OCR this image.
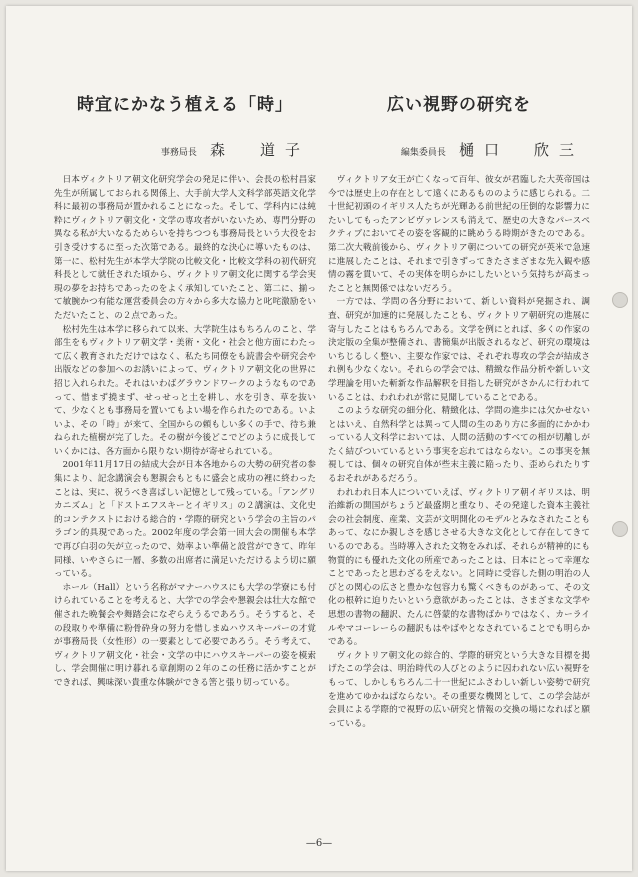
時宜にかなう植える「時」
事務局長 森　道子

日本ヴィクトリア朝文化研究学会の発足に伴い、会長の松村昌家先生が所属しておられる関係上、大手前大学人文科学部英語文化学科に最初の事務局が置かれることになった。そして、学科内には純粋にヴィクトリア朝文化・文学の専攻者がいないため、専門分野の異なる私が大いなるためらいを持ちつつも事務局長という大役をお引き受けするに至った次第である。最終的な決心に導いたものは、第一に、松村先生が本学大学院の比較文化・比較文学科の初代研究科長として就任された頃から、ヴィクトリア朝文化に関する学会実現の夢をお持ちであったのをよく承知していたこと、第二に、揃って敏腕かつ有能な運営委員会の方々から多大な協力と叱咤激励をいただいたこと、の２点であった。

松村先生は本学に移られて以来、大学院生はもちろんのこと、学部生をもヴィクトリア朝文学・美術・文化・社会と他方面にわたって広く教育されただけではなく、私たち同僚をも読書会や研究会や出版などの参加へのお誘いによって、ヴィクトリア朝文化の世界に招じ入れられた。それはいわばグラウンドワークのようなものであって、惜まず撓まず、せっせっと土を耕し、水を引き、草を抜いて、少なくとも事務局を置いてもよい場を作られたのである。いよいよ、その「時」が来て、全国からの頼もしい多くの手で、待ち兼ねられた植樹が完了した。その樹が今後どこでどのように成長していくかには、各方面から限りない期待が寄せられている。

2001年11月17日の結成大会が日本各地からの大勢の研究者の参集により、記念講演会も懇親会もともに盛会と成功の裡に終わったことは、実に、祝うべき喜ばしい記憶として残っている。「アングリカニズム」と「ドストエフスキーとイギリス」の２講演は、文化史的コンテクストにおける総合的・学際的研究という学会の主旨のパラゴン的具現であった。2002年度の学会第一回大会の開催も本学で再び白羽の矢が立ったので、効率よい準備と設営ができて、昨年同様、いやさらに一層、多数の出席者に満足いただけるよう切に願っている。

ホール（Hall）という名称がマナーハウスにも大学の学寮にも付けられていることを考えると、大学での学会や懇親会は壮大な館で催された晩餐会や舞踏会になぞらえうるであろう。そうすると、その段取りや準備に粉骨砕身の努力を惜しまぬハウスキーパーの才覚が事務局長（女性形）の一要素として必要であろう。そう考えて、ヴィクトリア朝文化・社会・文学の中にハウスキーパーの姿を模索し、学会開催に明け暮れる章創期の２年のこの任務に活かすことができれば、興味深い貴重な体験ができる筈と張り切っている。

広い視野の研究を
編集委員長 樋口　欣三

ヴィクトリア女王が亡くなって百年、彼女が君臨した大英帝国は今では歴史上の存在として遠くにあるもののように感じられる。二十世紀初頭のイギリス人たちが光輝ある前世紀の圧倒的な影響力にたいしてもったアンビヴァレンスも消えて、歴史の大きなパースペクティブにおいてその姿を客観的に眺めうる時期がきたのである。第二次大戦前後から、ヴィクトリア朝についての研究が英米で急速に進展したことは、それまで引きずってきたさまざまな先入観や感情の霧を貫いて、その実体を明らかにしたいという気持ちが高まったことと無関係ではないだろう。

一方では、学問の各分野において、新しい資料が発掘され、調査、研究が加速的に発展したことも、ヴィクトリア朝研究の進展に寄与したことはもちろんである。文学を例にとれば、多くの作家の決定版の全集が整備され、書簡集が出版されるなど、研究の環境はいちじるしく整い、主要な作家では、それぞれ専攻の学会が結成され例も少なくない。それらの学会では、精緻な作品分析や新しい文学理論を用いた斬新な作品解釈を目指した研究がさかんに行われていることは、われわれが常に見聞していることである。

このような研究の細分化、精緻化は、学問の進歩には欠かせないとはいえ、自然科学とは異って人間の生のあり方に多面的にかかわっている人文科学においては、人間の活動のすべての相が切離しがたく結びついているという事実を忘れてはならない。この事実を無視しては、個々の研究自体が些末主義に陥ったり、歪められたりするおそれがあるだろう。

われわれ日本人についていえば、ヴィクトリア朝イギリスは、明治維新の開国がちょうど最盛期と重なり、その発達した資本主義社会の社会制度、産業、文芸が文明開化のモデルとみなされたこともあって、なにか親しさを感じさせる大きな文化として存在してきているのである。当時導入された文物をみれば、それらが精神的にも物質的にも優れた文化の所産であったことは、日本にとって幸運なことであったと思わざるをえない。と同時に受容した側の明治の人びとの関心の広さと豊かな包容力も驚くべきものがあって、その文化の根幹に迫りたいという意欲があったことは、さまざまな文学や思想の書物の翻訳、たんに啓蒙的な書物ばかりではなく、カーライルやマコーレーらの翻訳もはやばやとなされていることでも明らかである。

ヴィクトリア朝文化の綜合的、学際的研究という大きな目標を掲げたこの学会は、明治時代の人びとのように囚われない広い視野をもって、しかしもちろん二十一世紀にふさわしい新しい姿勢で研究を進めてゆかねばならない。その重要な機関として、この学会誌が会員による学際的で視野の広い研究と情報の交換の場になればと願っている。

—6—
